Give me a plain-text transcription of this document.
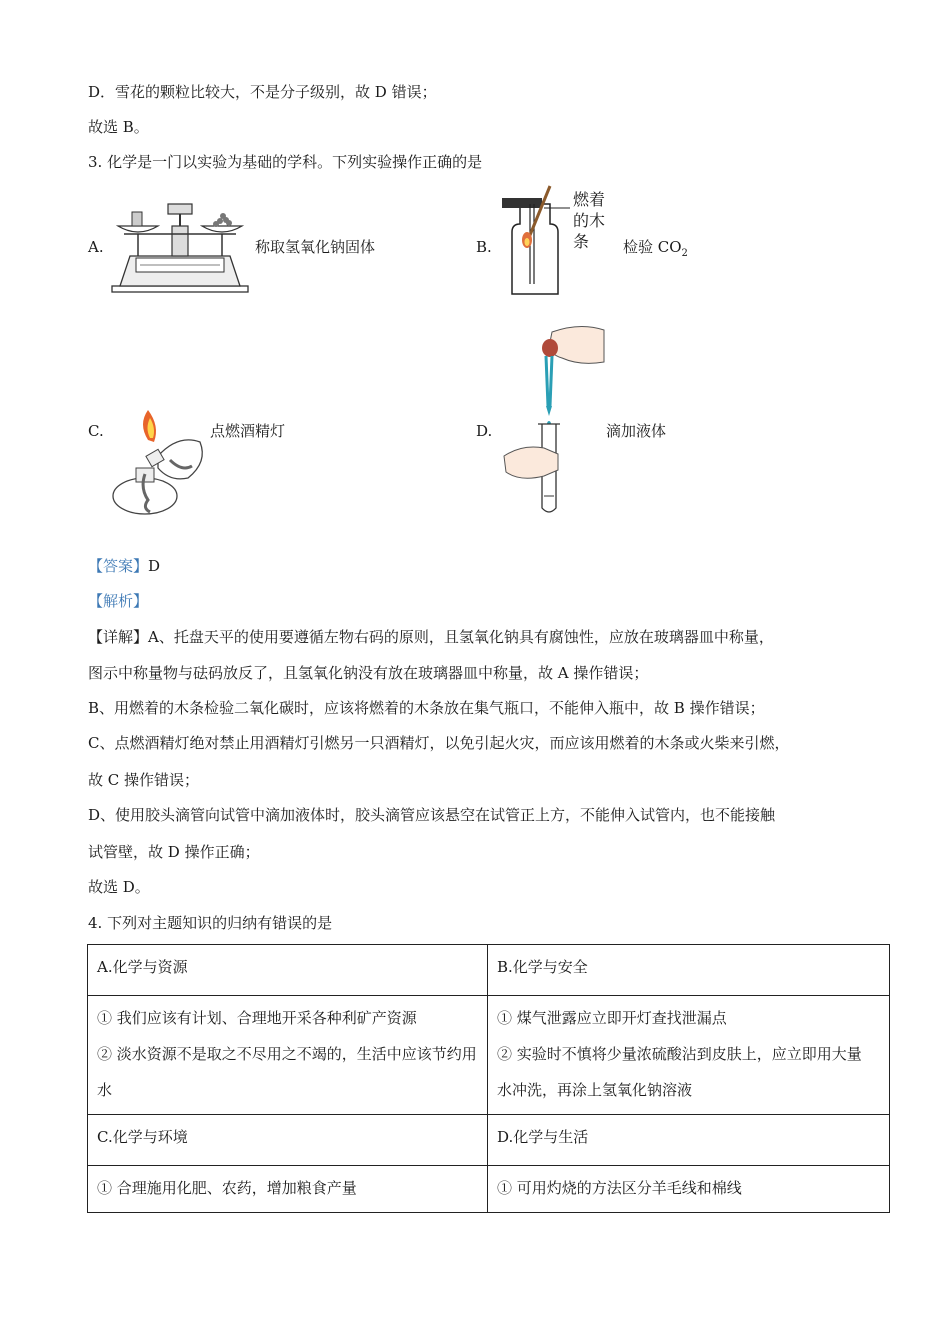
D．雪花的颗粒比较大，不是分子级别，故 D 错误；
故选 B。
3. 化学是一门以实验为基础的学科。下列实验操作正确的是
A.	称取氢氧化钠固体	B.
燃着
的木
条 检验 $CO_2$
C.	点燃酒精灯	D.	滴加液体
【答案】D
【解析】
【详解】A、托盘天平的使用要遵循左物右码的原则，且氢氧化钠具有腐蚀性，应放在玻璃器皿中称量，
图示中称量物与砝码放反了，且氢氧化钠没有放在玻璃器皿中称量，故 A 操作错误；
B、用燃着的木条检验二氧化碳时，应该将燃着的木条放在集气瓶口，不能伸入瓶中，故 B 操作错误；
C、点燃酒精灯绝对禁止用酒精灯引燃另一只酒精灯，以免引起火灾，而应该用燃着的木条或火柴来引燃，
故 C 操作错误；
D、使用胶头滴管向试管中滴加液体时，胶头滴管应该悬空在试管正上方，不能伸入试管内，也不能接触
试管壁，故 D 操作正确；
故选 D。
4. 下列对主题知识的归纳有错误的是
A.化学与资源	B.化学与安全

① 我们应该有计划、合理地开采各种利矿产资源
② 淡水资源不是取之不尽用之不竭的，生活中应该节约用水	① 煤气泄露应立即开灯查找泄漏点
② 实验时不慎将少量浓硫酸沾到皮肤上，应立即用大量　水冲洗，再涂上氢氧化钠溶液

C.化学与环境	D.化学与生活

① 合理施用化肥、农药，增加粮食产量	① 可用灼烧的方法区分羊毛线和棉线
